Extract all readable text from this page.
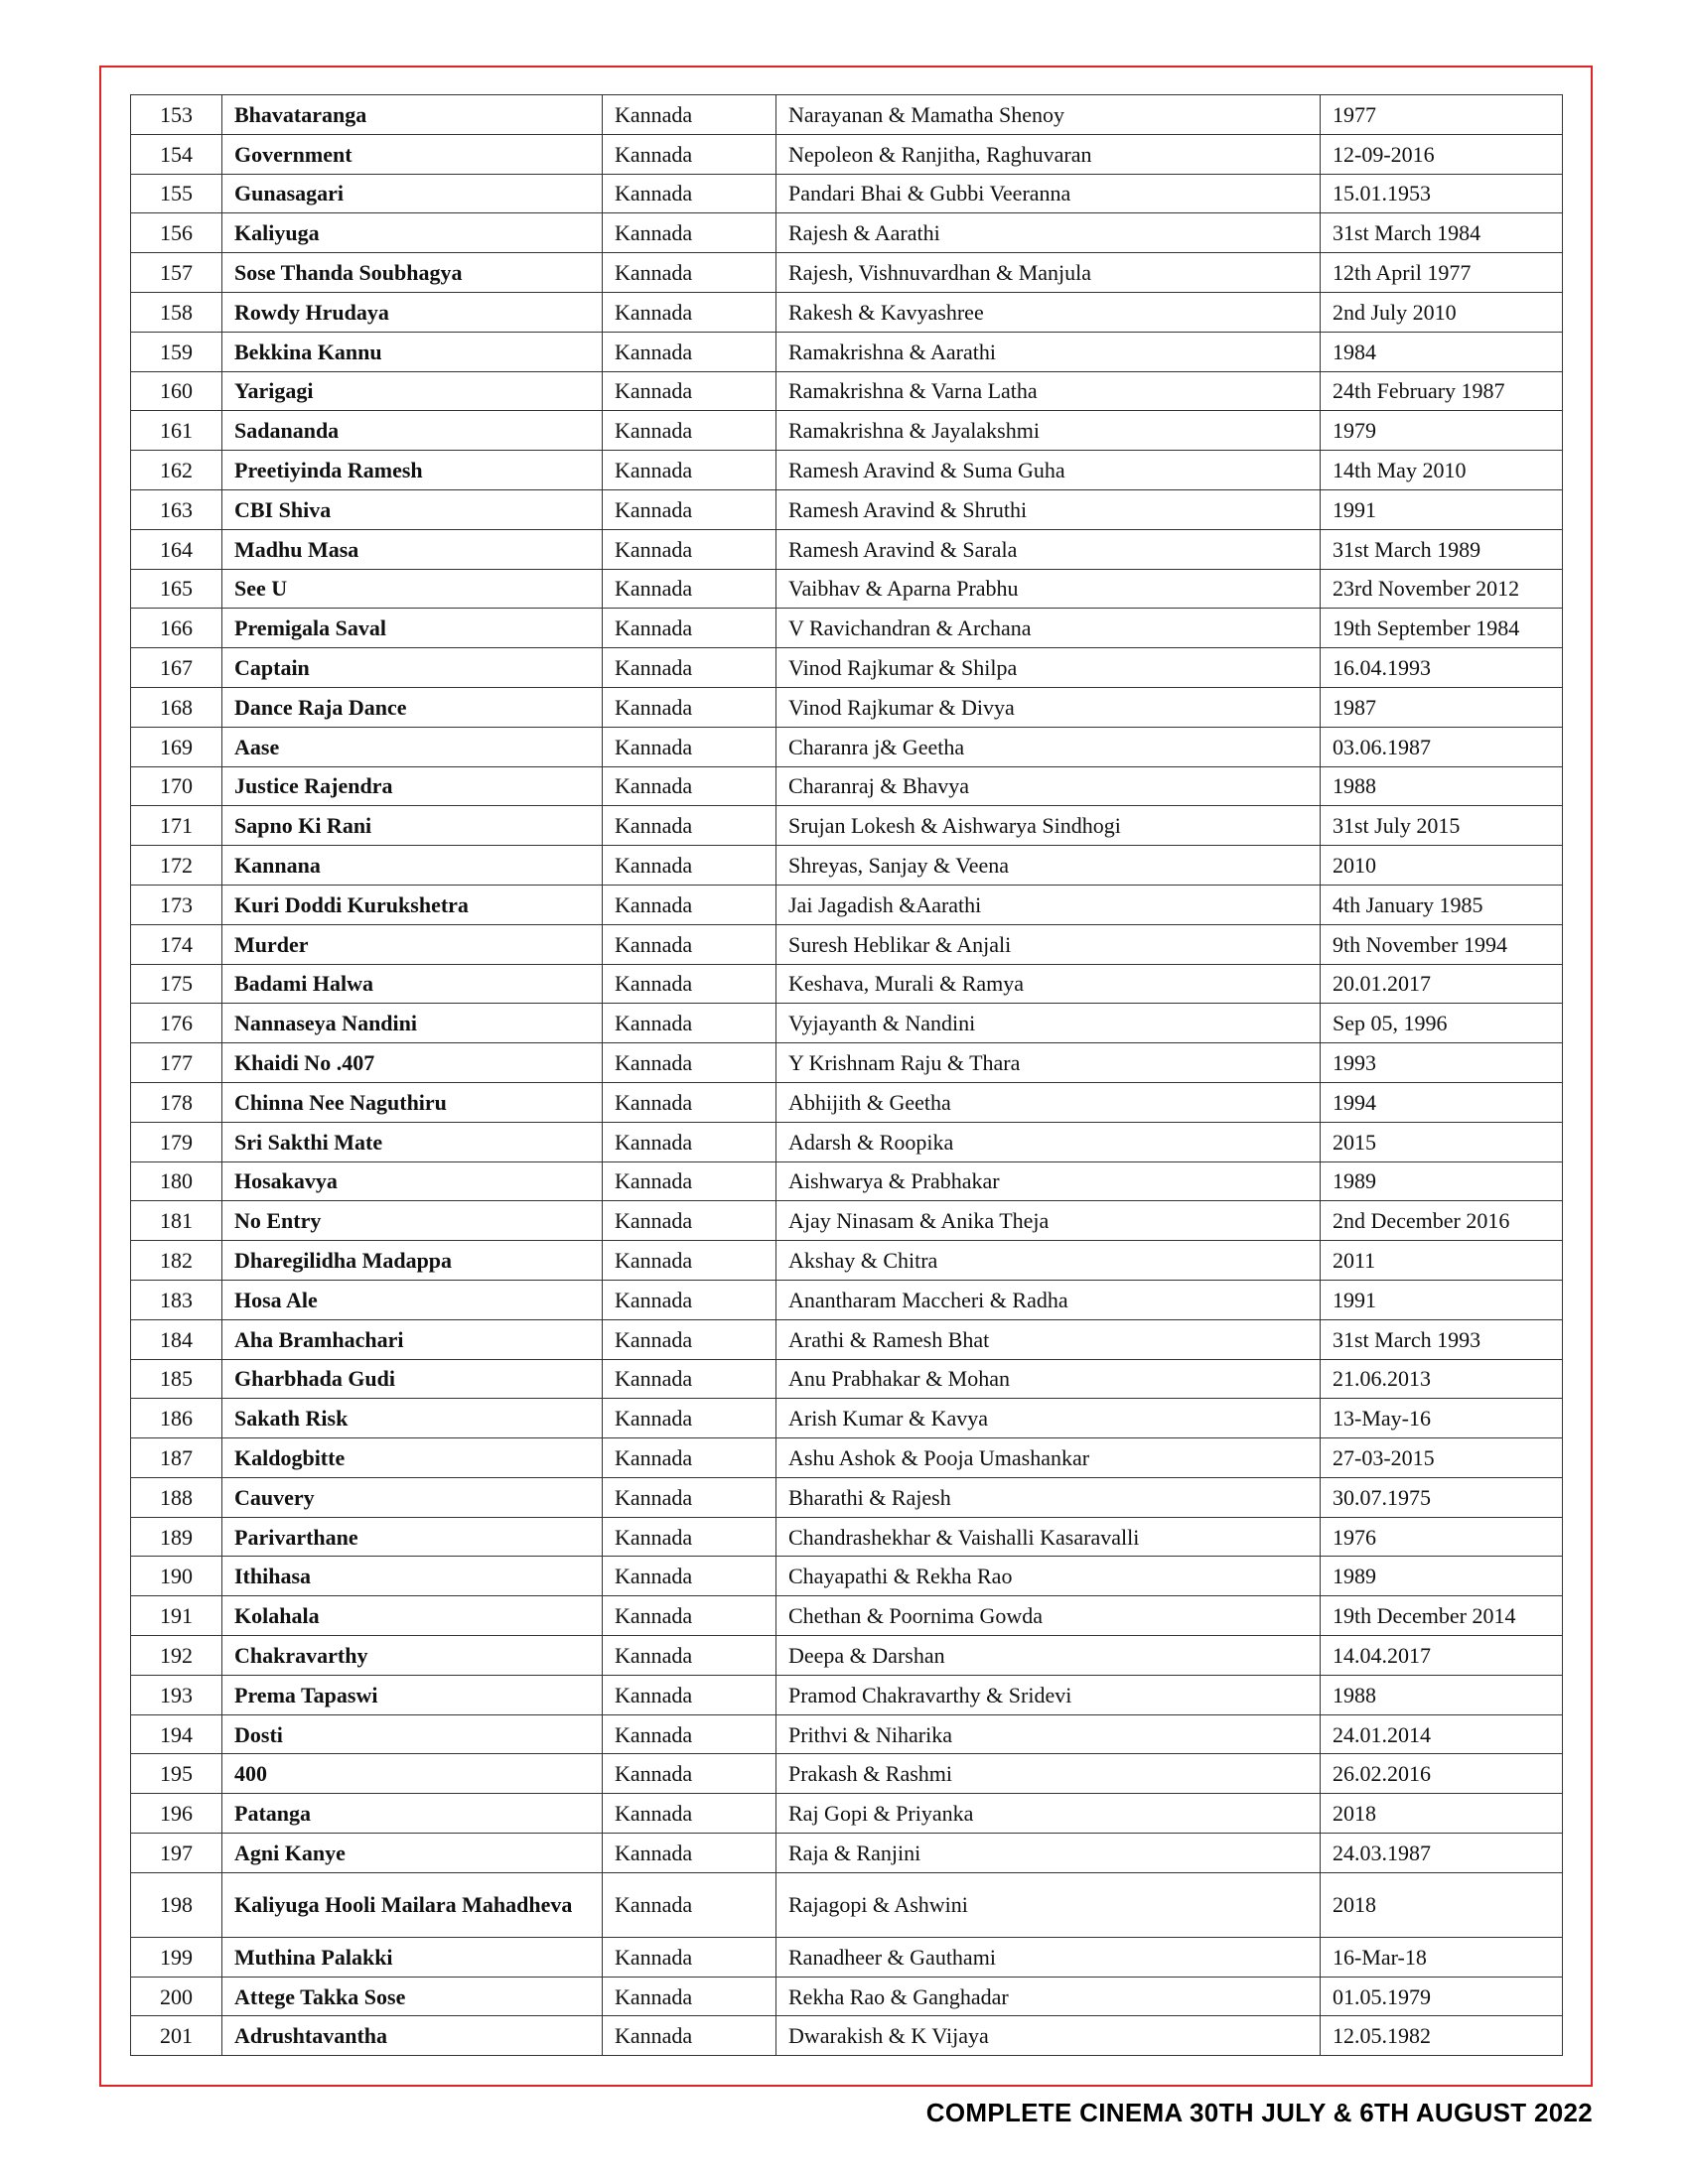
153	Bhavataranga	Kannada	Narayanan & Mamatha Shenoy	1977
154	Government	Kannada	Nepoleon & Ranjitha, Raghuvaran	12-09-2016
155	Gunasagari	Kannada	Pandari Bhai & Gubbi Veeranna	15.01.1953
156	Kaliyuga	Kannada	Rajesh & Aarathi	31st March 1984
157	Sose Thanda Soubhagya	Kannada	Rajesh, Vishnuvardhan & Manjula	12th April 1977
158	Rowdy Hrudaya	Kannada	Rakesh & Kavyashree	2nd July 2010
159	Bekkina Kannu	Kannada	Ramakrishna & Aarathi	1984
160	Yarigagi	Kannada	Ramakrishna & Varna Latha	24th February 1987
161	Sadananda	Kannada	Ramakrishna & Jayalakshmi	1979
162	Preetiyinda Ramesh	Kannada	Ramesh Aravind & Suma Guha	14th May 2010
163	CBI Shiva	Kannada	Ramesh Aravind & Shruthi	1991
164	Madhu Masa	Kannada	Ramesh Aravind & Sarala	31st March 1989
165	See U	Kannada	Vaibhav & Aparna Prabhu	23rd November 2012
166	Premigala Saval	Kannada	V Ravichandran & Archana	19th September 1984
167	Captain	Kannada	Vinod Rajkumar & Shilpa	16.04.1993
168	Dance Raja Dance	Kannada	Vinod Rajkumar & Divya	1987
169	Aase	Kannada	Charanra j& Geetha	03.06.1987
170	Justice Rajendra	Kannada	Charanraj & Bhavya	1988
171	Sapno Ki Rani	Kannada	Srujan Lokesh & Aishwarya Sindhogi	31st July 2015
172	Kannana	Kannada	Shreyas, Sanjay & Veena	2010
173	Kuri Doddi Kurukshetra	Kannada	Jai Jagadish &Aarathi	4th January 1985
174	Murder	Kannada	Suresh Heblikar & Anjali	9th November 1994
175	Badami Halwa	Kannada	Keshava, Murali & Ramya	20.01.2017
176	Nannaseya Nandini	Kannada	Vyjayanth & Nandini	Sep 05, 1996
177	Khaidi No .407	Kannada	Y Krishnam Raju & Thara	1993
178	Chinna Nee Naguthiru	Kannada	Abhijith & Geetha	1994
179	Sri Sakthi Mate	Kannada	Adarsh & Roopika	2015
180	Hosakavya	Kannada	Aishwarya & Prabhakar	1989
181	No Entry	Kannada	Ajay Ninasam & Anika Theja	2nd December 2016
182	Dharegilidha Madappa	Kannada	Akshay & Chitra	2011
183	Hosa Ale	Kannada	Anantharam Maccheri & Radha	1991
184	Aha Bramhachari	Kannada	Arathi & Ramesh Bhat	31st March 1993
185	Gharbhada Gudi	Kannada	Anu Prabhakar & Mohan	21.06.2013
186	Sakath Risk	Kannada	Arish Kumar & Kavya	13-May-16
187	Kaldogbitte	Kannada	Ashu Ashok & Pooja Umashankar	27-03-2015
188	Cauvery	Kannada	Bharathi & Rajesh	30.07.1975
189	Parivarthane	Kannada	Chandrashekhar & Vaishalli Kasaravalli	1976
190	Ithihasa	Kannada	Chayapathi & Rekha Rao	1989
191	Kolahala	Kannada	Chethan & Poornima Gowda	19th December 2014
192	Chakravarthy	Kannada	Deepa & Darshan	14.04.2017
193	Prema Tapaswi	Kannada	Pramod Chakravarthy & Sridevi	1988
194	Dosti	Kannada	Prithvi & Niharika	24.01.2014
195	400	Kannada	Prakash & Rashmi	26.02.2016
196	Patanga	Kannada	Raj Gopi & Priyanka	2018
197	Agni Kanye	Kannada	Raja & Ranjini	24.03.1987
198	Kaliyuga Hooli Mailara Mahadheva	Kannada	Rajagopi & Ashwini	2018
199	Muthina Palakki	Kannada	Ranadheer & Gauthami	16-Mar-18
200	Attege Takka Sose	Kannada	Rekha Rao & Ganghadar	01.05.1979
201	Adrushtavantha	Kannada	Dwarakish & K Vijaya	12.05.1982
COMPLETE CINEMA 30TH JULY & 6TH AUGUST 2022
